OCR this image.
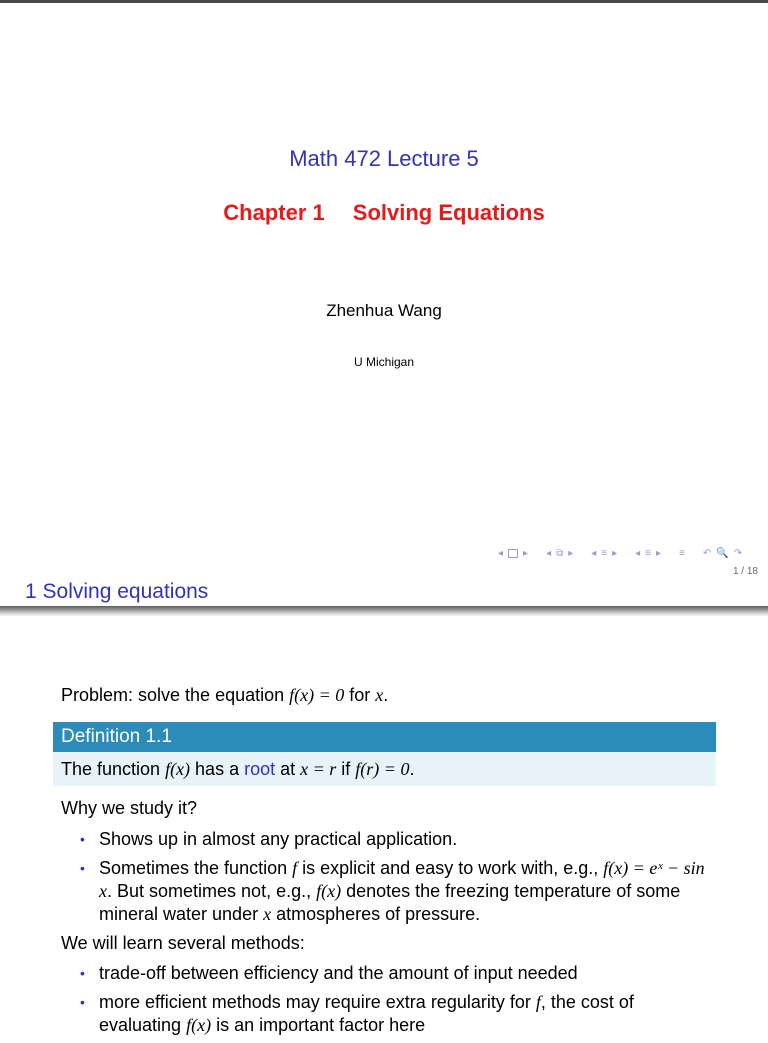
Math 472 Lecture 5
Chapter 1 Solving Equations
Zhenhua Wang
U Michigan
◂ ▸ ◂ ⧉ ▸ ◂ ≡ ▸ ◂ ≡ ▸ ≡ ↶ 🔍 ↷
1 / 18
1 Solving equations
Problem: solve the equation f(x) = 0 for x.
Definition 1.1
The function f(x) has a root at x = r if f(r) = 0.
Why we study it?
• Shows up in almost any practical application.
• Sometimes the function f is explicit and easy to work with, e.g., f(x) = eˣ − sin x. But sometimes not, e.g., f(x) denotes the freezing temperature of some mineral water under x atmospheres of pressure.
We will learn several methods:
• trade-off between efficiency and the amount of input needed
• more efficient methods may require extra regularity for f, the cost of evaluating f(x) is an important factor here
